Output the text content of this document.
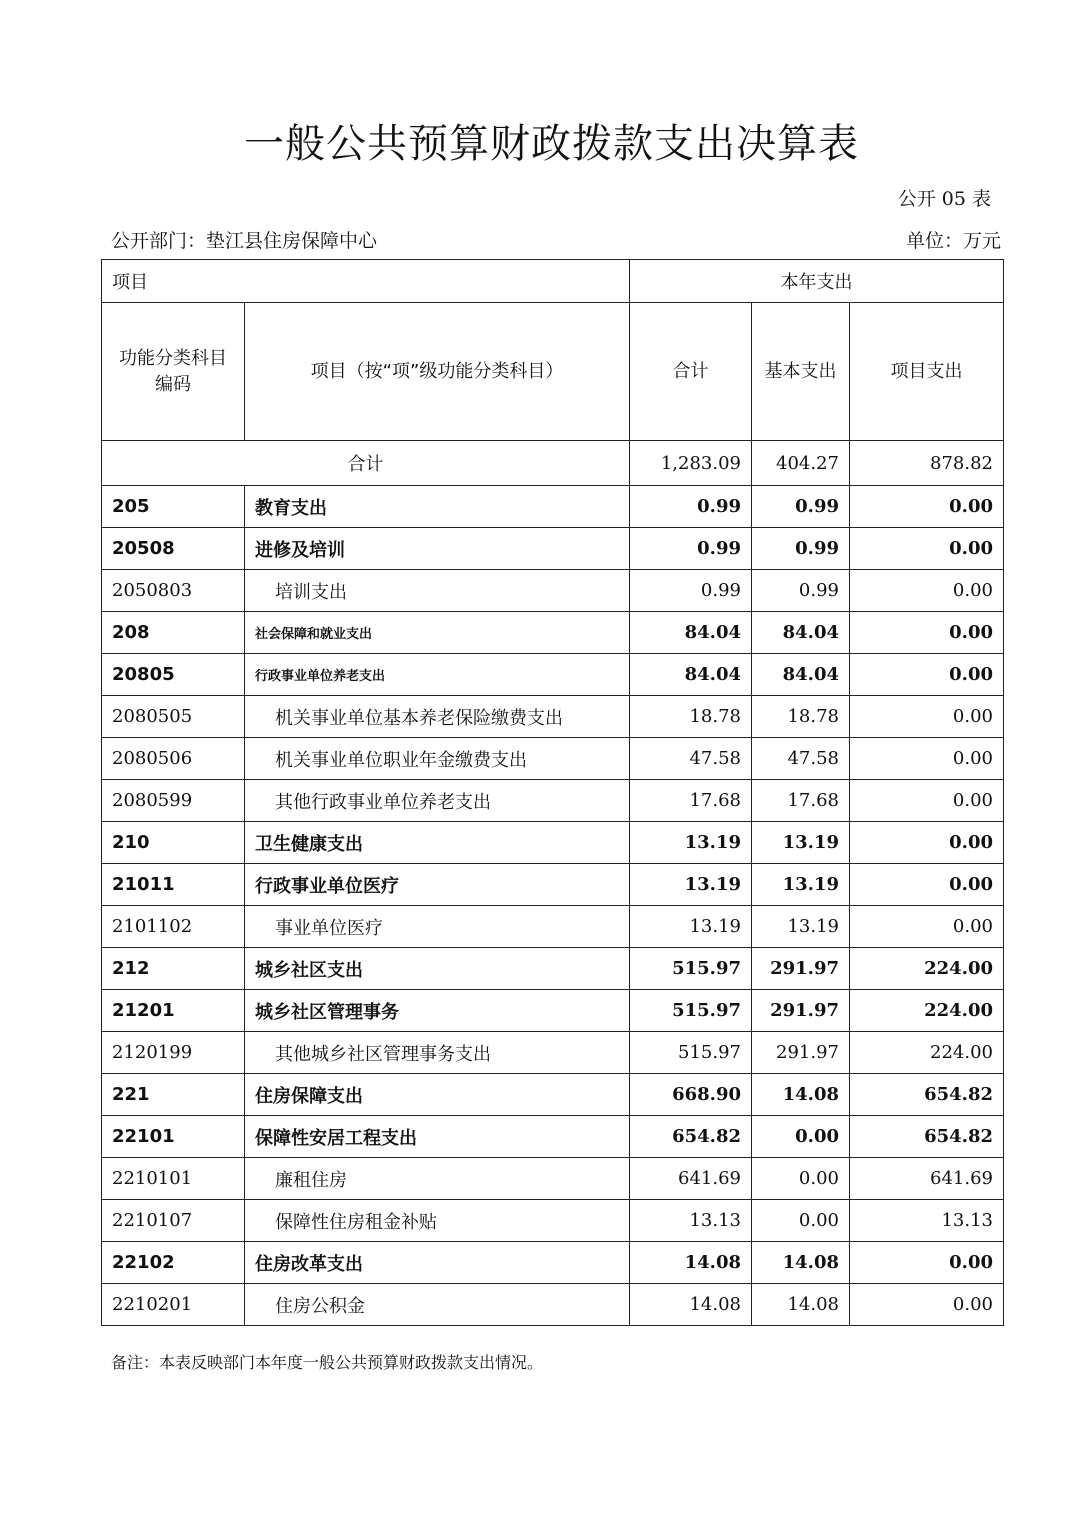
一般公共预算财政拨款支出决算表
公开 05 表
公开部门：垫江县住房保障中心	单位：万元
项目		本年支出		
功能分类科目编码	项目（按“项”级功能分类科目）	合计	基本支出	项目支出
合计		1,283.09	404.27	878.82
205	教育支出	0.99	0.99	0.00
20508	进修及培训	0.99	0.99	0.00
2050803	培训支出	0.99	0.99	0.00
208	社会保障和就业支出	84.04	84.04	0.00
20805	行政事业单位养老支出	84.04	84.04	0.00
2080505	机关事业单位基本养老保险缴费支出	18.78	18.78	0.00
2080506	机关事业单位职业年金缴费支出	47.58	47.58	0.00
2080599	其他行政事业单位养老支出	17.68	17.68	0.00
210	卫生健康支出	13.19	13.19	0.00
21011	行政事业单位医疗	13.19	13.19	0.00
2101102	事业单位医疗	13.19	13.19	0.00
212	城乡社区支出	515.97	291.97	224.00
21201	城乡社区管理事务	515.97	291.97	224.00
2120199	其他城乡社区管理事务支出	515.97	291.97	224.00
221	住房保障支出	668.90	14.08	654.82
22101	保障性安居工程支出	654.82	0.00	654.82
2210101	廉租住房	641.69	0.00	641.69
2210107	保障性住房租金补贴	13.13	0.00	13.13
22102	住房改革支出	14.08	14.08	0.00
2210201	住房公积金	14.08	14.08	0.00
备注：本表反映部门本年度一般公共预算财政拨款支出情况。
